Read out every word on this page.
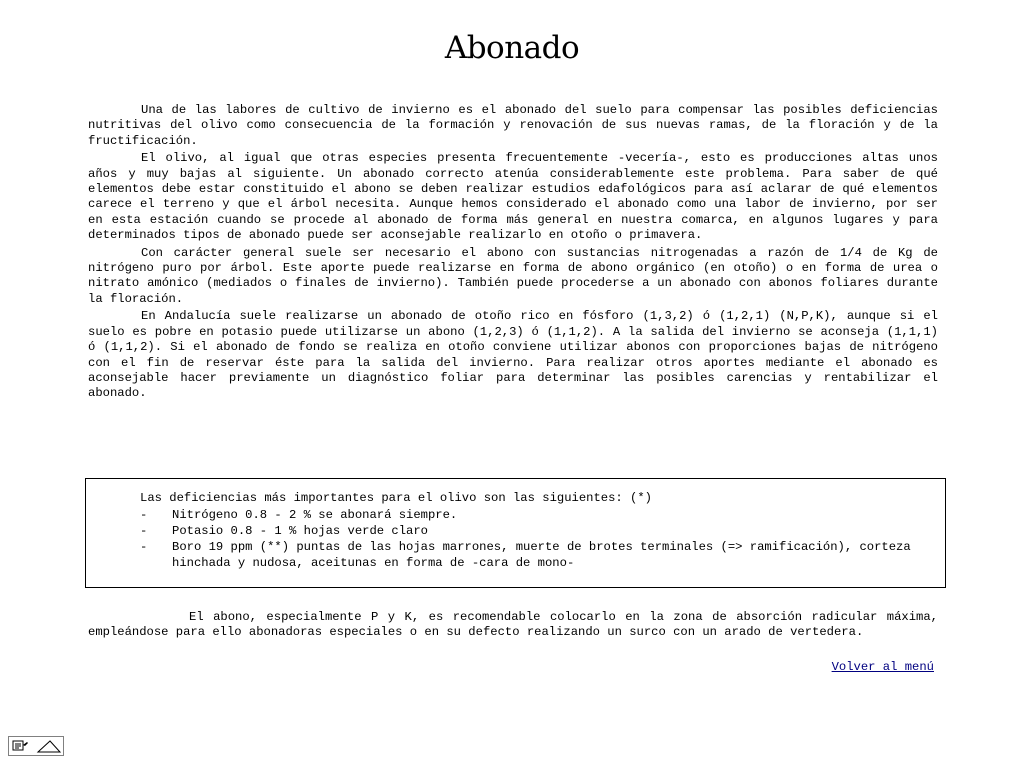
Abonado

Una de las labores de cultivo de invierno es el abonado del suelo para compensar las posibles deficiencias nutritivas del olivo como consecuencia de la formación y renovación de sus nuevas ramas, de la floración y de la fructificación.

El olivo, al igual que otras especies presenta frecuentemente -vecería-, esto es producciones altas unos años y muy bajas al siguiente. Un abonado correcto atenúa considerablemente este problema. Para saber de qué elementos debe estar constituido el abono se deben realizar estudios edafológicos para así aclarar de qué elementos carece el terreno y que el árbol necesita. Aunque hemos considerado el abonado como una labor de invierno, por ser en esta estación cuando se procede al abonado de forma más general en nuestra comarca, en algunos lugares y para determinados tipos de abonado puede ser aconsejable realizarlo en otoño o primavera.

Con carácter general suele ser necesario el abono con sustancias nitrogenadas a razón de 1/4 de Kg de nitrógeno puro por árbol. Este aporte puede realizarse en forma de abono orgánico (en otoño) o en forma de urea o nitrato amónico (mediados o finales de invierno). También puede procederse a un abonado con abonos foliares durante la floración.

En Andalucía suele realizarse un abonado de otoño rico en fósforo (1,3,2) ó (1,2,1) (N,P,K), aunque si el suelo es pobre en potasio puede utilizarse un abono (1,2,3) ó (1,1,2). A la salida del invierno se aconseja (1,1,1) ó (1,1,2). Si el abonado de fondo se realiza en otoño conviene utilizar abonos con proporciones bajas de nitrógeno con el fin de reservar éste para la salida del invierno. Para realizar otros aportes mediante el abonado es aconsejable hacer previamente un diagnóstico foliar para determinar las posibles carencias y rentabilizar el abonado.

Las deficiencias más importantes para el olivo son las siguientes: (*)
-	Nitrógeno 0.8 - 2 % se abonará siempre.
-	Potasio 0.8 - 1 % hojas verde claro
-	Boro 19 ppm (**) puntas de las hojas marrones, muerte de brotes terminales (=> ramificación), corteza hinchada y nudosa, aceitunas en forma de -cara de mono-

El abono, especialmente P y K, es recomendable colocarlo en la zona de absorción radicular máxima, empleándose para ello abonadoras especiales o en su defecto realizando un surco con un arado de vertedera.

Volver al menú
